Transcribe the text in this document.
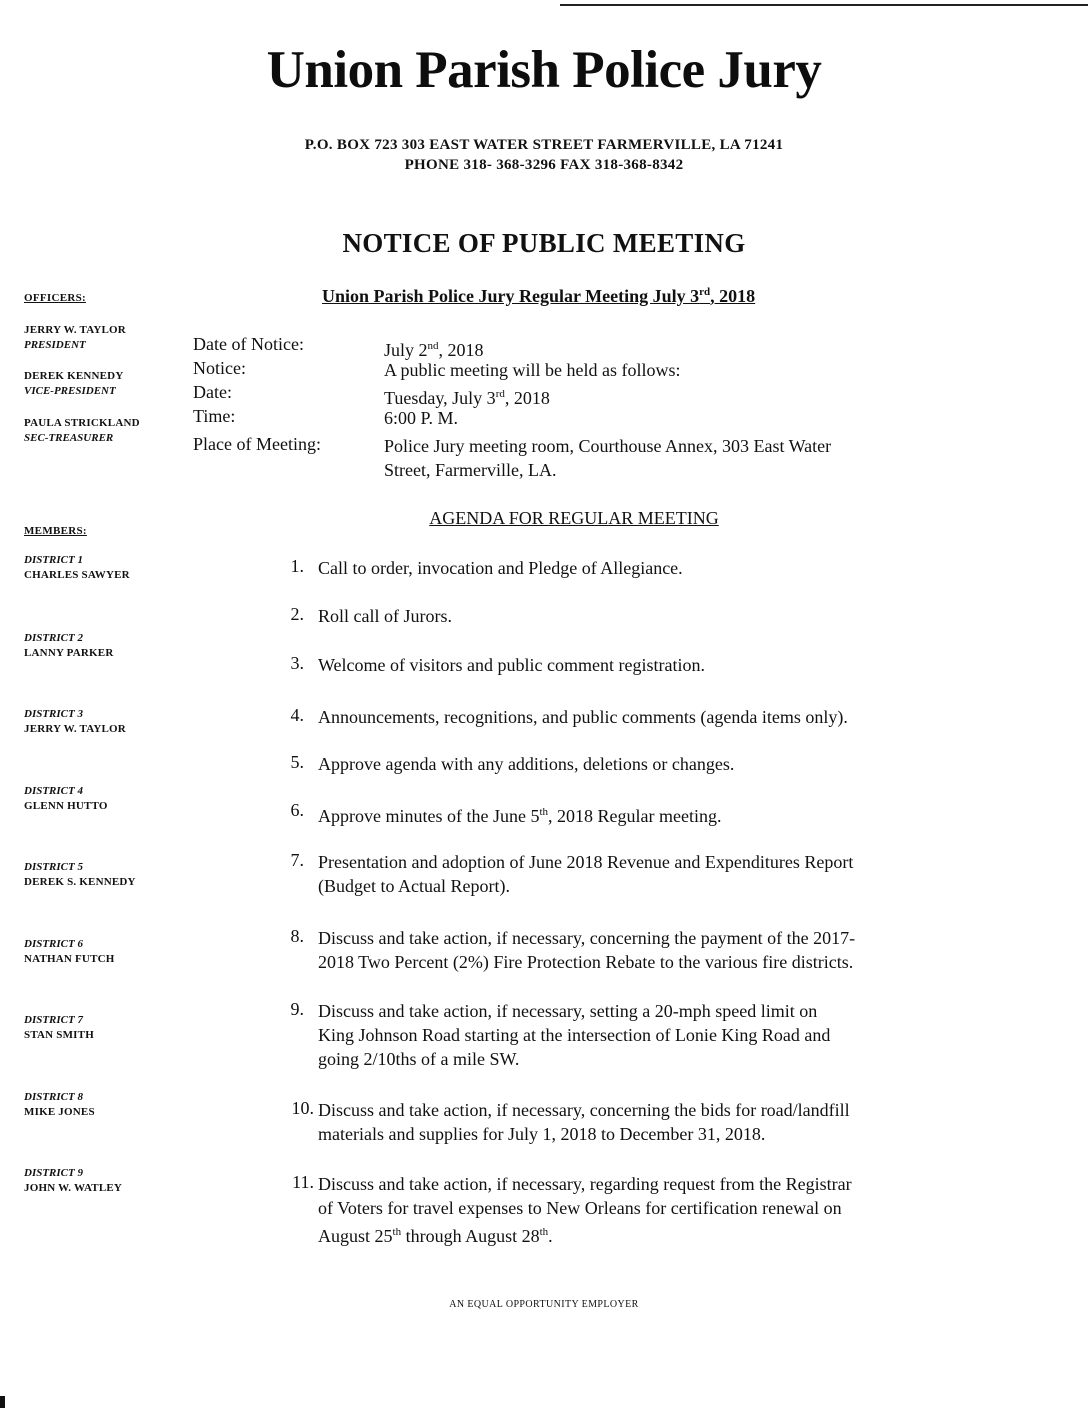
Union Parish Police Jury
P.O. BOX 723 303 EAST WATER STREET FARMERVILLE, LA 71241
PHONE 318- 368-3296 FAX 318-368-8342
NOTICE OF PUBLIC MEETING
Union Parish Police Jury Regular Meeting July 3rd, 2018
OFFICERS:
JERRY W. TAYLOR
PRESIDENT
DEREK KENNEDY
VICE-PRESIDENT
PAULA STRICKLAND
SEC-TREASURER
MEMBERS:
DISTRICT 1
CHARLES SAWYER
DISTRICT 2
LANNY PARKER
DISTRICT 3
JERRY W. TAYLOR
DISTRICT 4
GLENN HUTTO
DISTRICT 5
DEREK S. KENNEDY
DISTRICT 6
NATHAN FUTCH
DISTRICT 7
STAN SMITH
DISTRICT 8
MIKE JONES
DISTRICT 9
JOHN W. WATLEY
Date of Notice:	July 2nd, 2018
Notice:	A public meeting will be held as follows:
Date:	Tuesday, July 3rd, 2018
Time:	6:00 P. M.
Place of Meeting:	Police Jury meeting room, Courthouse Annex, 303 East Water
Street, Farmerville, LA.
AGENDA FOR REGULAR MEETING
1. Call to order, invocation and Pledge of Allegiance.
2. Roll call of Jurors.
3. Welcome of visitors and public comment registration.
4. Announcements, recognitions, and public comments (agenda items only).
5. Approve agenda with any additions, deletions or changes.
6. Approve minutes of the June 5th, 2018 Regular meeting.
7. Presentation and adoption of June 2018 Revenue and Expenditures Report
(Budget to Actual Report).
8. Discuss and take action, if necessary, concerning the payment of the 2017-
2018 Two Percent (2%) Fire Protection Rebate to the various fire districts.
9. Discuss and take action, if necessary, setting a 20-mph speed limit on
King Johnson Road starting at the intersection of Lonie King Road and
going 2/10ths of a mile SW.
10. Discuss and take action, if necessary, concerning the bids for road/landfill
materials and supplies for July 1, 2018 to December 31, 2018.
11. Discuss and take action, if necessary, regarding request from the Registrar
of Voters for travel expenses to New Orleans for certification renewal on
August 25th through August 28th.
AN EQUAL OPPORTUNITY EMPLOYER
